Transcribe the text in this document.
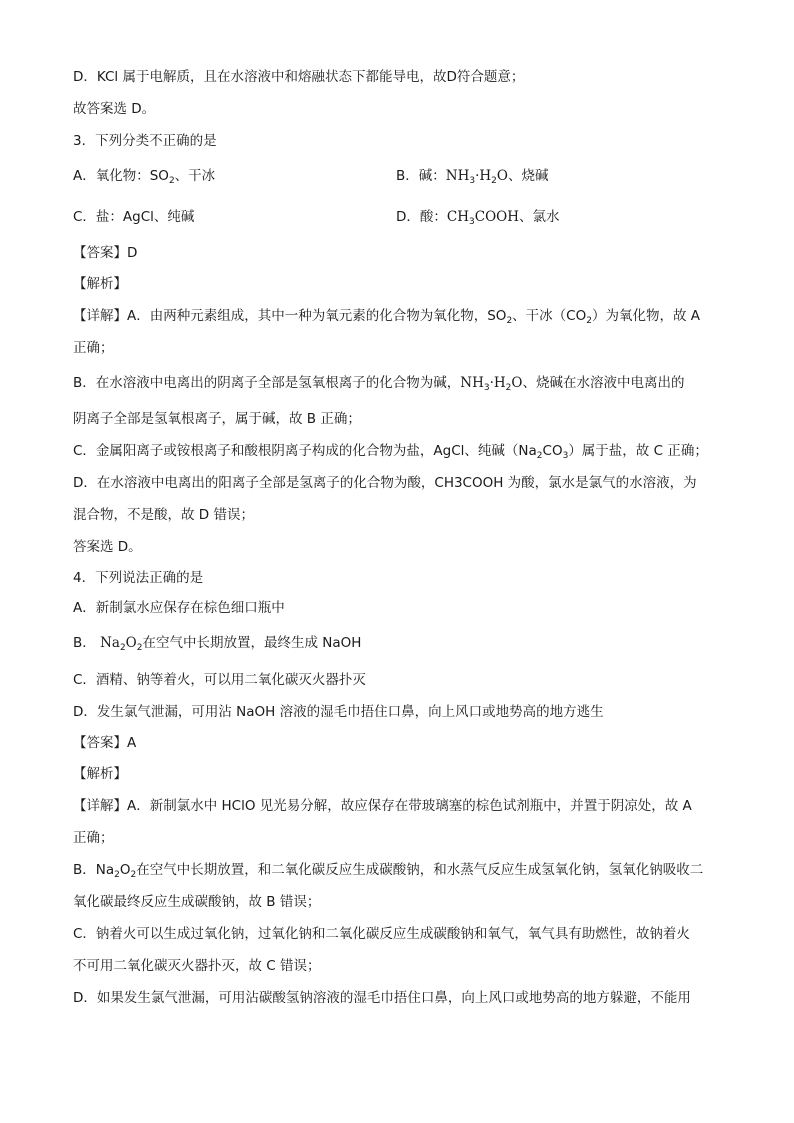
D．KCl 属于电解质，且在水溶液中和熔融状态下都能导电，故D符合题意；
故答案选 D。
3．下列分类不正确的是
A．氧化物：$SO_2$、干冰	B．碱：$NH_3\cdot H_2O$、烧碱
C．盐：AgCl、纯碱	D．酸：$CH_3COOH$、氯水
【答案】D
【解析】
【详解】A．由两种元素组成，其中一种为氧元素的化合物为氧化物，$SO_2$、干冰$(CO_2)$为氧化物，故 A
正确；
B．在水溶液中电离出的阴离子全部是氢氧根离子的化合物为碱，$NH_3\cdot H_2O$、烧碱在水溶液中电离出的
阴离子全部是氢氧根离子，属于碱，故 B 正确；
C．金属阳离子或铵根离子和酸根阴离子构成的化合物为盐，AgCl、纯碱$(Na_2CO_3)$属于盐，故 C 正确；
D．在水溶液中电离出的阳离子全部是氢离子的化合物为酸，CH3COOH 为酸，氯水是氯气的水溶液，为
混合物，不是酸，故 D 错误；
答案选 D。
4．下列说法正确的是
A．新制氯水应保存在棕色细口瓶中
B． $Na_2O_2$在空气中长期放置，最终生成 NaOH
C．酒精、钠等着火，可以用二氧化碳灭火器扑灭
D．发生氯气泄漏，可用沾 NaOH 溶液的湿毛巾捂住口鼻，向上风口或地势高的地方逃生
【答案】A
【解析】
【详解】A．新制氯水中 HClO 见光易分解，故应保存在带玻璃塞的棕色试剂瓶中，并置于阴凉处，故 A
正确；
B．$Na_2O_2$在空气中长期放置，和二氧化碳反应生成碳酸钠，和水蒸气反应生成氢氧化钠，氢氧化钠吸收二
氧化碳最终反应生成碳酸钠，故 B 错误；
C．钠着火可以生成过氧化钠，过氧化钠和二氧化碳反应生成碳酸钠和氧气，氧气具有助燃性，故钠着火
不可用二氧化碳灭火器扑灭，故 C 错误；
D．如果发生氯气泄漏，可用沾碳酸氢钠溶液的湿毛巾捂住口鼻，向上风口或地势高的地方躲避，不能用
